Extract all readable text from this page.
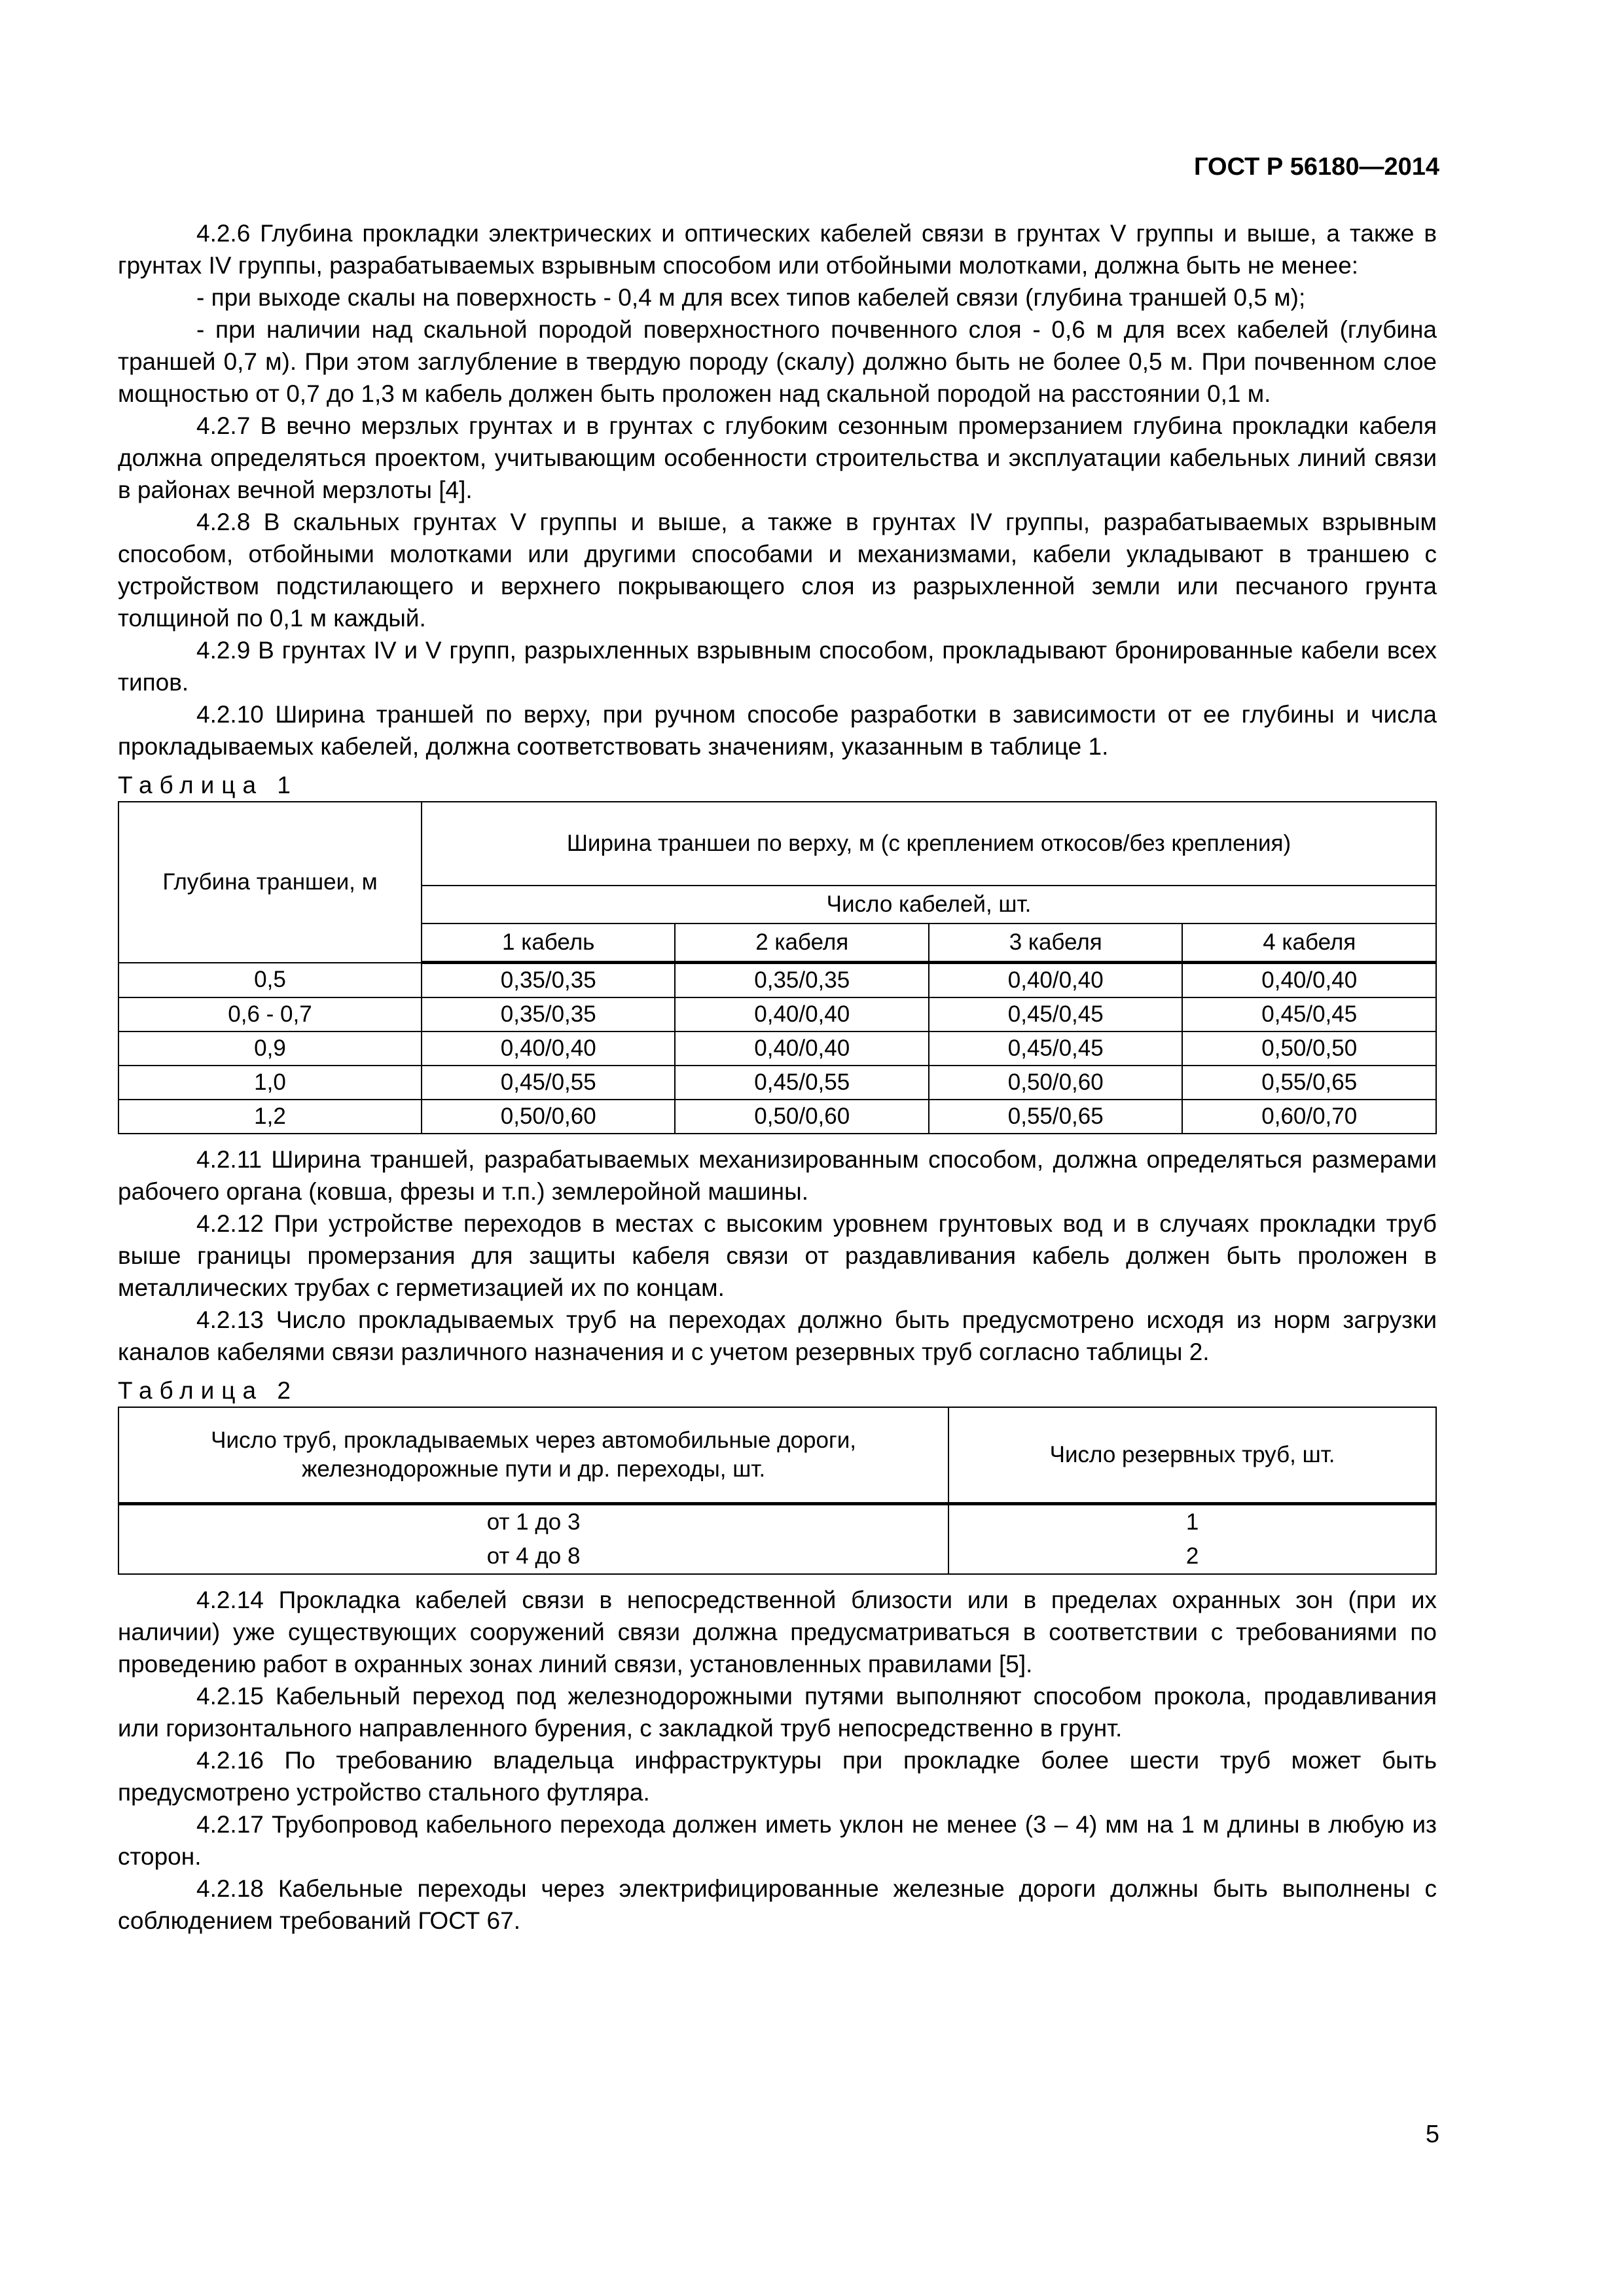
ГОСТ Р 56180—2014

4.2.6 Глубина прокладки электрических и оптических кабелей связи в грунтах V группы и выше, а также в грунтах IV группы, разрабатываемых взрывным способом или отбойными молотками, должна быть не менее:

- при выходе скалы на поверхность - 0,4 м для всех типов кабелей связи (глубина траншей 0,5 м);

- при наличии над скальной породой поверхностного почвенного слоя - 0,6 м для всех кабелей (глубина траншей 0,7 м). При этом заглубление в твердую породу (скалу) должно быть не более 0,5 м. При почвенном слое мощностью от 0,7 до 1,3 м кабель должен быть проложен над скальной породой на расстоянии 0,1 м.

4.2.7 В вечно мерзлых грунтах и в грунтах с глубоким сезонным промерзанием глубина прокладки кабеля должна определяться проектом, учитывающим особенности строительства и эксплуатации кабельных линий связи в районах вечной мерзлоты [4].

4.2.8 В скальных грунтах V группы и выше, а также в грунтах IV группы, разрабатываемых взрывным способом, отбойными молотками или другими способами и механизмами, кабели укладывают в траншею с устройством подстилающего и верхнего покрывающего слоя из разрыхленной земли или песчаного грунта толщиной по 0,1 м каждый.

4.2.9 В грунтах IV и V групп, разрыхленных взрывным способом, прокладывают бронированные кабели всех типов.

4.2.10 Ширина траншей по верху, при ручном способе разработки в зависимости от ее глубины и числа прокладываемых кабелей, должна соответствовать значениям, указанным в таблице 1.

Таблица 1
Глубина траншеи, м	Ширина траншеи по верху, м (с креплением откосов/без крепления)			
	Число кабелей, шт.			
	1 кабель	2 кабеля	3 кабеля	4 кабеля
0,5	0,35/0,35	0,35/0,35	0,40/0,40	0,40/0,40
0,6 - 0,7	0,35/0,35	0,40/0,40	0,45/0,45	0,45/0,45
0,9	0,40/0,40	0,40/0,40	0,45/0,45	0,50/0,50
1,0	0,45/0,55	0,45/0,55	0,50/0,60	0,55/0,65
1,2	0,50/0,60	0,50/0,60	0,55/0,65	0,60/0,70

4.2.11 Ширина траншей, разрабатываемых механизированным способом, должна определяться размерами рабочего органа (ковша, фрезы и т.п.) землеройной машины.

4.2.12 При устройстве переходов в местах с высоким уровнем грунтовых вод и в случаях прокладки труб выше границы промерзания для защиты кабеля связи от раздавливания кабель должен быть проложен в металлических трубах с герметизацией их по концам.

4.2.13 Число прокладываемых труб на переходах должно быть предусмотрено исходя из норм загрузки каналов кабелями связи различного назначения и с учетом резервных труб согласно таблицы 2.

Таблица 2
Число труб, прокладываемых через автомобильные дороги, железнодорожные пути и др. переходы, шт.	Число резервных труб, шт.
от 1 до 3	1
от 4 до 8	2

4.2.14 Прокладка кабелей связи в непосредственной близости или в пределах охранных зон (при их наличии) уже существующих сооружений связи должна предусматриваться в соответствии с требованиями по проведению работ в охранных зонах линий связи, установленных правилами [5].

4.2.15 Кабельный переход под железнодорожными путями выполняют способом прокола, продавливания или горизонтального направленного бурения, с закладкой труб непосредственно в грунт.

4.2.16 По требованию владельца инфраструктуры при прокладке более шести труб может быть предусмотрено устройство стального футляра.

4.2.17 Трубопровод кабельного перехода должен иметь уклон не менее (3 – 4) мм на 1 м длины в любую из сторон.

4.2.18 Кабельные переходы через электрифицированные железные дороги должны быть выполнены с соблюдением требований ГОСТ 67.

5
